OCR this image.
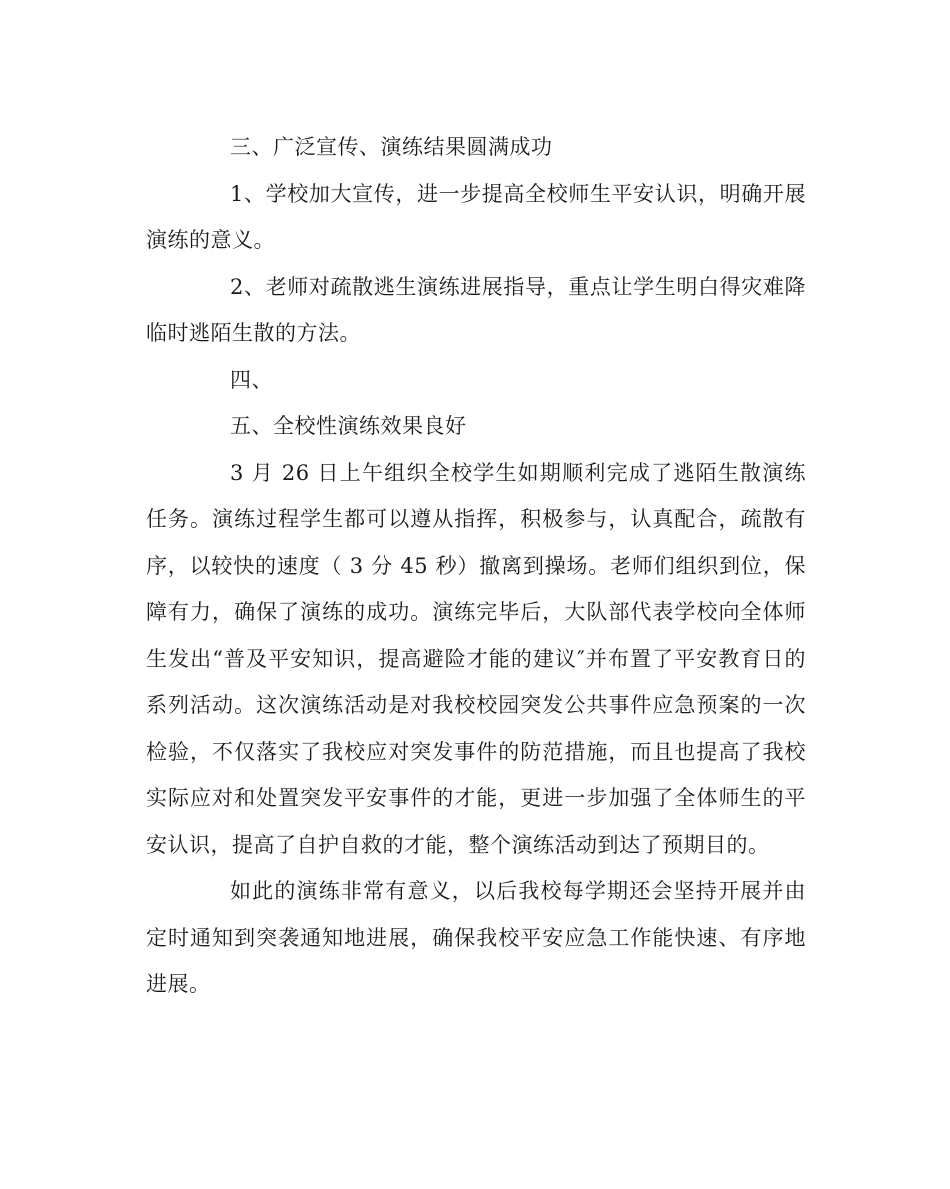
三、广泛宣传、演练结果圆满成功

1、学校加大宣传，进一步提高全校师生平安认识，明确开展演练的意义。

2、老师对疏散逃生演练进展指导，重点让学生明白得灾难降临时逃陌生散的方法。

四、

五、全校性演练效果良好

3 月 26 日上午组织全校学生如期顺利完成了逃陌生散演练任务。演练过程学生都可以遵从指挥，积极参与，认真配合，疏散有序，以较快的速度（ 3 分 45 秒）撤离到操场。老师们组织到位，保障有力，确保了演练的成功。演练完毕后，大队部代表学校向全体师生发出“普及平安知识，提高避险才能的建议″并布置了平安教育日的系列活动。这次演练活动是对我校校园突发公共事件应急预案的一次检验，不仅落实了我校应对突发事件的防范措施，而且也提高了我校实际应对和处置突发平安事件的才能，更进一步加强了全体师生的平安认识，提高了自护自救的才能，整个演练活动到达了预期目的。

如此的演练非常有意义，以后我校每学期还会坚持开展并由定时通知到突袭通知地进展，确保我校平安应急工作能快速、有序地进展。
